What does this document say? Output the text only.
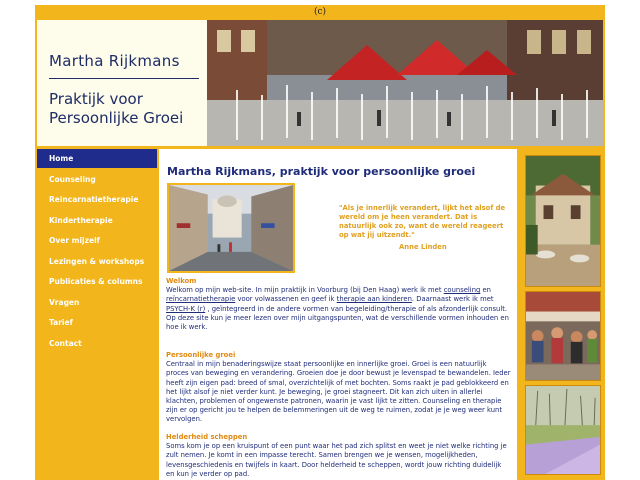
(c)
Martha Rijkmans
Praktijk voor
Persoonlijke Groei
Home
Counseling
Reincarnatietherapie
Kindertherapie
Over mijzelf
Lezingen & workshops
Publicaties & columns
Vragen
Tarief
Contact
Martha Rijkmans, praktijk voor persoonlijke groei
"Als je innerlijk verandert, lijkt het alsof de wereld om je heen verandert. Dat is natuurlijk ook zo, want de wereld reageert op wat jij uitzendt."
Anne Linden
Welkom
Welkom op mijn web-site. In mijn praktijk in Voorburg (bij Den Haag) werk ik met counseling en reïncarnatietherapie voor volwassenen en geef ik therapie aan kinderen. Daarnaast werk ik met PSYCH-K (r) , geïntegreerd in de andere vormen van begeleiding/therapie of als afzonderlijk consult.
Op deze site kun je meer lezen over mijn uitgangspunten, wat de verschillende vormen inhouden en hoe ik werk.
Persoonlijke groei
Centraal in mijn benaderingswijze staat persoonlijke en innerlijke groei. Groei is een natuurlijk proces van beweging en verandering. Groeien doe je door bewust je levenspad te bewandelen. Ieder heeft zijn eigen pad: breed of smal, overzichtelijk of met bochten. Soms raakt je pad geblokkeerd en het lijkt alsof je niet verder kunt. Je beweging, je groei stagneert. Dit kan zich uiten in allerlei klachten, problemen of ongewenste patronen, waarin je vast lijkt te zitten. Counseling en therapie zijn er op gericht jou te helpen de belemmeringen uit de weg te ruimen, zodat je je weg weer kunt vervolgen.
Helderheid scheppen
Soms kom je op een kruispunt of een punt waar het pad zich splitst en weet je niet welke richting je zult nemen. Je komt in een impasse terecht. Samen brengen we je wensen, mogelijkheden, levensgeschiedenis en twijfels in kaart. Door helderheid te scheppen, wordt jouw richting duidelijk en kun je verder op pad.
